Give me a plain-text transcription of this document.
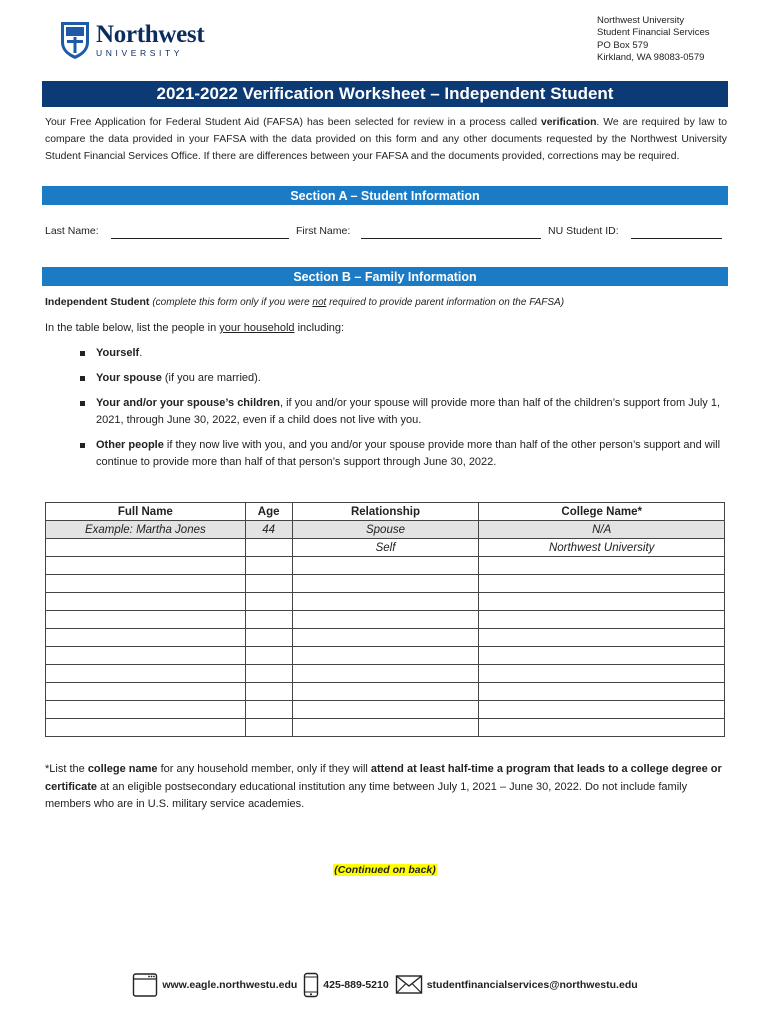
Northwest
UNIVERSITY
Northwest University
Student Financial Services
PO Box 579
Kirkland, WA 98083-0579
2021-2022 Verification Worksheet – Independent Student
Your Free Application for Federal Student Aid (FAFSA) has been selected for review in a process called verification. We are required by law to compare the data provided in your FAFSA with the data provided on this form and any other documents requested by the Northwest University Student Financial Services Office. If there are differences between your FAFSA and the documents provided, corrections may be required.
Section A – Student Information
Last Name:	First Name:	NU Student ID:
Section B – Family Information
Independent Student (complete this form only if you were not required to provide parent information on the FAFSA)
In the table below, list the people in your household including:
Yourself.
Your spouse (if you are married).
Your and/or your spouse’s children, if you and/or your spouse will provide more than half of the children’s support from July 1, 2021, through June 30, 2022, even if a child does not live with you.
Other people if they now live with you, and you and/or your spouse provide more than half of the other person’s support and will continue to provide more than half of that person’s support through June 30, 2022.
Full Name	Age	Relationship	College Name*
Example: Martha Jones	44	Spouse	N/A
		Self	Northwest University

*List the college name for any household member, only if they will attend at least half-time a program that leads to a college degree or certificate at an eligible postsecondary educational institution any time between July 1, 2021 – June 30, 2022. Do not include family members who are in U.S. military service academies.
(Continued on back)
www.eagle.northwestu.edu 425-889-5210	studentfinancialservices@northwestu.edu
